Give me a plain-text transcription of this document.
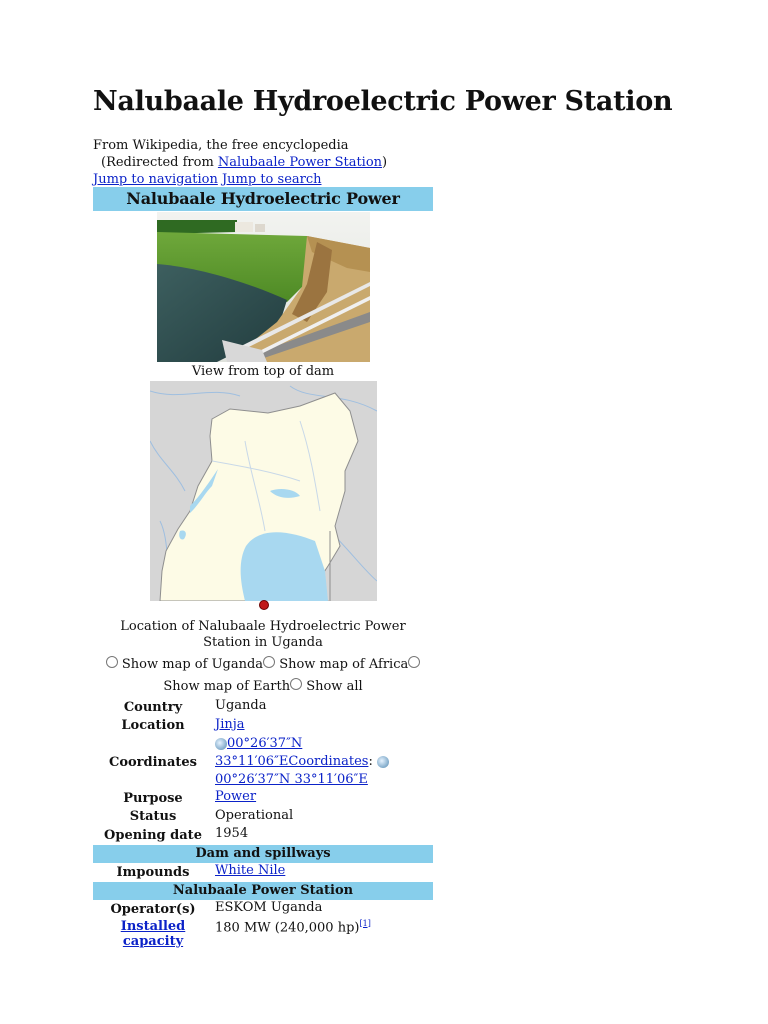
Nalubaale Hydroelectric Power Station
From Wikipedia, the free encyclopedia
(Redirected from Nalubaale Power Station)
Jump to navigation Jump to search
Nalubaale Hydroelectric Power
View from top of dam
Location of Nalubaale Hydroelectric Power Station in Uganda
Show map of Uganda Show map of Africa
Show map of Earth Show all
Country	Uganda
Location	Jinja
Coordinates	00°26′37″N
33°11′06″ECoordinates:
00°26′37″N 33°11′06″E
Purpose	Power
Status	Operational
Opening date	1954
Dam and spillways	
Impounds	White Nile
Nalubaale Power Station	
Operator(s)	ESKOM Uganda
Installed capacity	180 MW (240,000 hp)[1]
